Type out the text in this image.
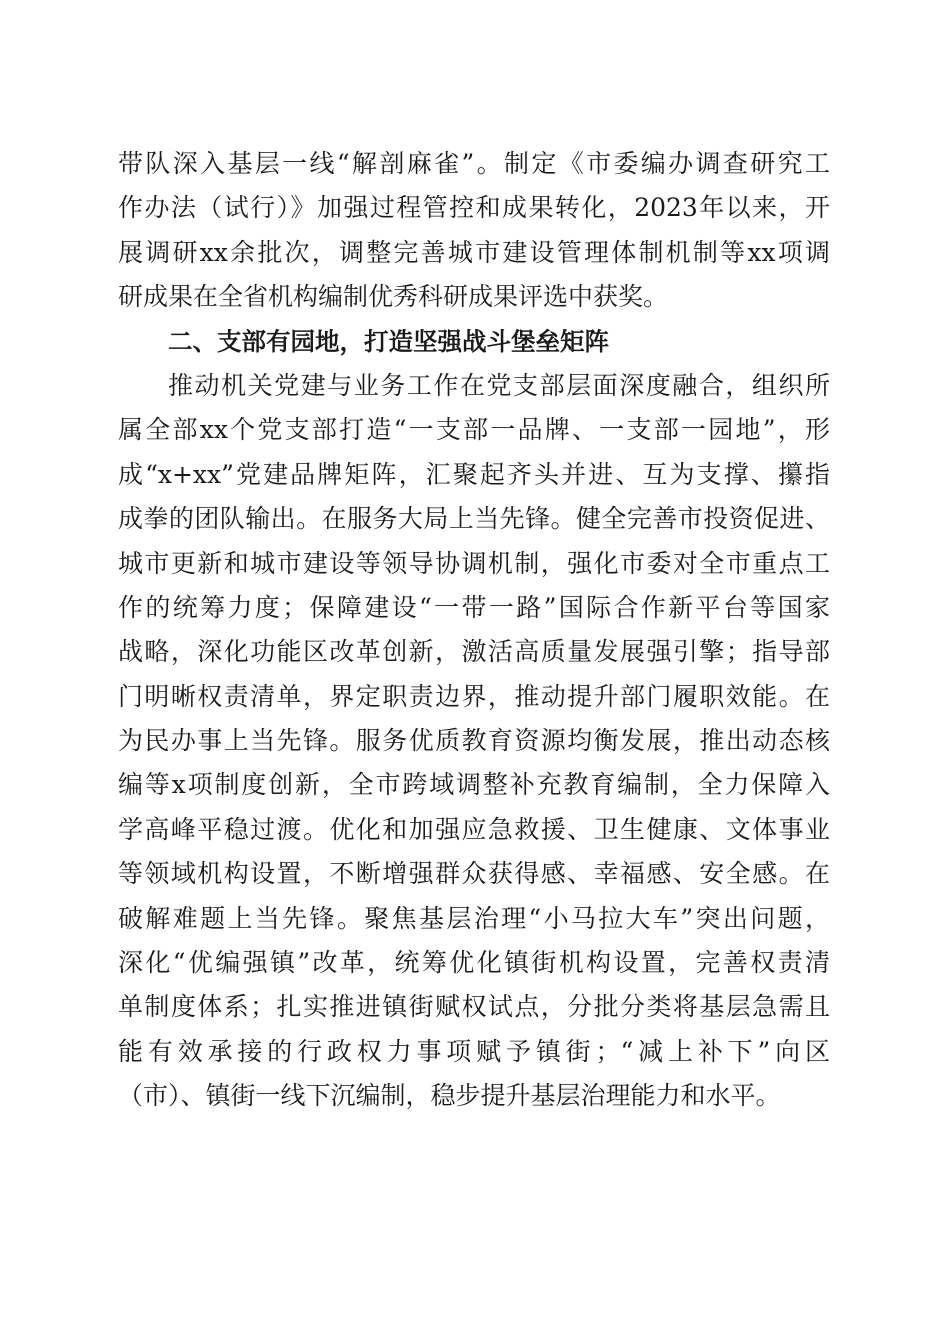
带队深入基层一线“解剖麻雀”。制定《市委编办调查研究工
作办法（试行）》加强过程管控和成果转化，2023年以来，开
展调研xx余批次，调整完善城市建设管理体制机制等xx项调
研成果在全省机构编制优秀科研成果评选中获奖。
二、支部有园地，打造坚强战斗堡垒矩阵
推动机关党建与业务工作在党支部层面深度融合，组织所
属全部xx个党支部打造“一支部一品牌、一支部一园地”，形
成“x+xx”党建品牌矩阵，汇聚起齐头并进、互为支撑、攥指
成拳的团队输出。在服务大局上当先锋。健全完善市投资促进、
城市更新和城市建设等领导协调机制，强化市委对全市重点工
作的统筹力度；保障建设“一带一路”国际合作新平台等国家
战略，深化功能区改革创新，激活高质量发展强引擎；指导部
门明晰权责清单，界定职责边界，推动提升部门履职效能。在
为民办事上当先锋。服务优质教育资源均衡发展，推出动态核
编等x项制度创新，全市跨域调整补充教育编制，全力保障入
学高峰平稳过渡。优化和加强应急救援、卫生健康、文体事业
等领域机构设置，不断增强群众获得感、幸福感、安全感。在
破解难题上当先锋。聚焦基层治理“小马拉大车”突出问题，
深化“优编强镇”改革，统筹优化镇街机构设置，完善权责清
单制度体系；扎实推进镇街赋权试点，分批分类将基层急需且
能有效承接的行政权力事项赋予镇街；“减上补下”向区
（市）、镇街一线下沉编制，稳步提升基层治理能力和水平。
